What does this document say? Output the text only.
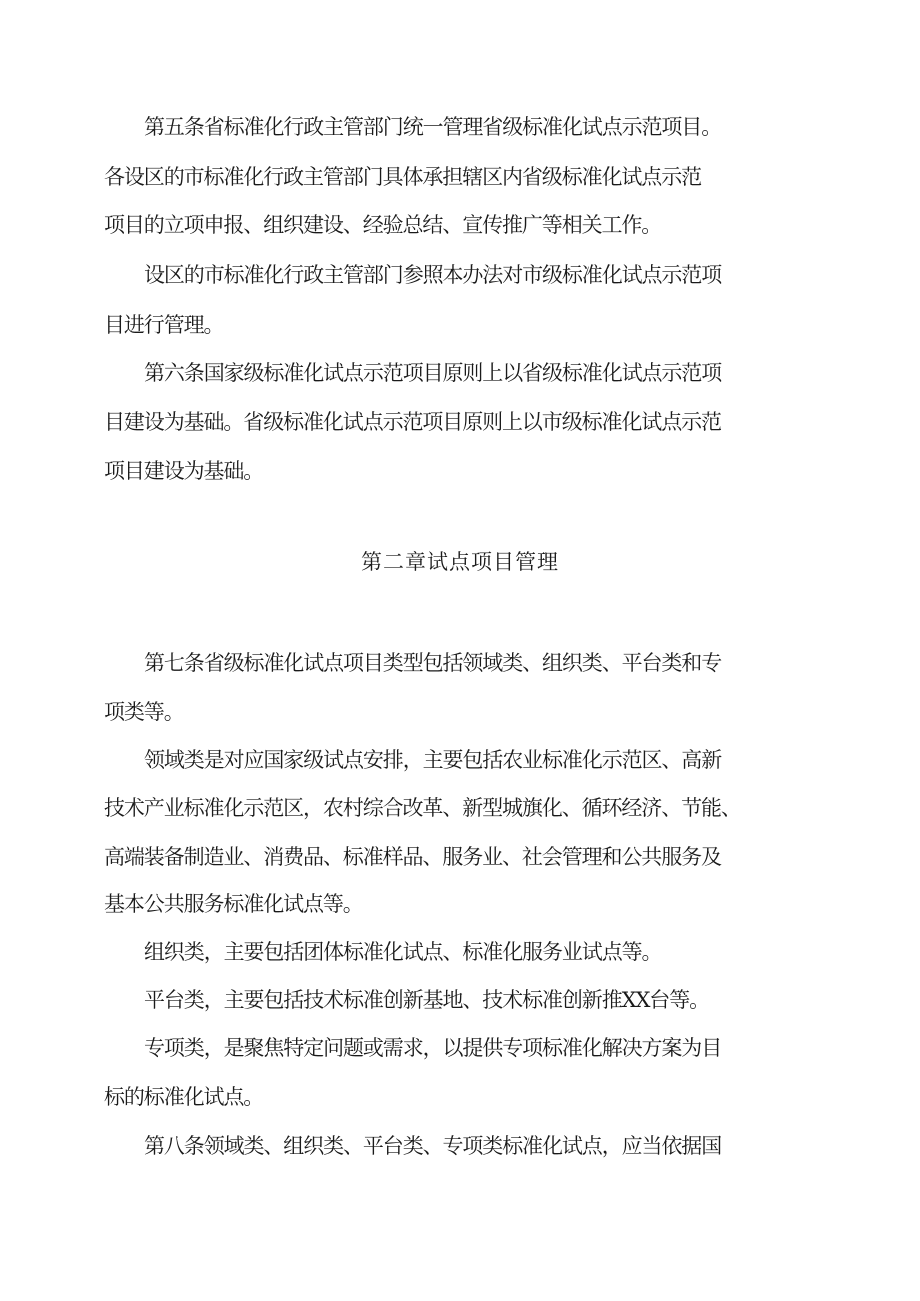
第五条省标准化行政主管部门统一管理省级标准化试点示范项目。
各设区的市标准化行政主管部门具体承担辖区内省级标准化试点示范
项目的立项申报、组织建设、经验总结、宣传推广等相关工作。
设区的市标准化行政主管部门参照本办法对市级标准化试点示范项
目进行管理。
第六条国家级标准化试点示范项目原则上以省级标准化试点示范项
目建设为基础。省级标准化试点示范项目原则上以市级标准化试点示范
项目建设为基础。
第二章试点项目管理
第七条省级标准化试点项目类型包括领域类、组织类、平台类和专
项类等。
领域类是对应国家级试点安排，主要包括农业标准化示范区、高新
技术产业标准化示范区，农村综合改革、新型城旗化、循环经济、节能、
高端装备制造业、消费品、标准样品、服务业、社会管理和公共服务及
基本公共服务标准化试点等。
组织类，主要包括团体标准化试点、标准化服务业试点等。
平台类，主要包括技术标准创新基地、技术标准创新推XX台等。
专项类，是聚焦特定问题或需求，以提供专项标准化解决方案为目
标的标准化试点。
第八条领域类、组织类、平台类、专项类标准化试点，应当依据国
